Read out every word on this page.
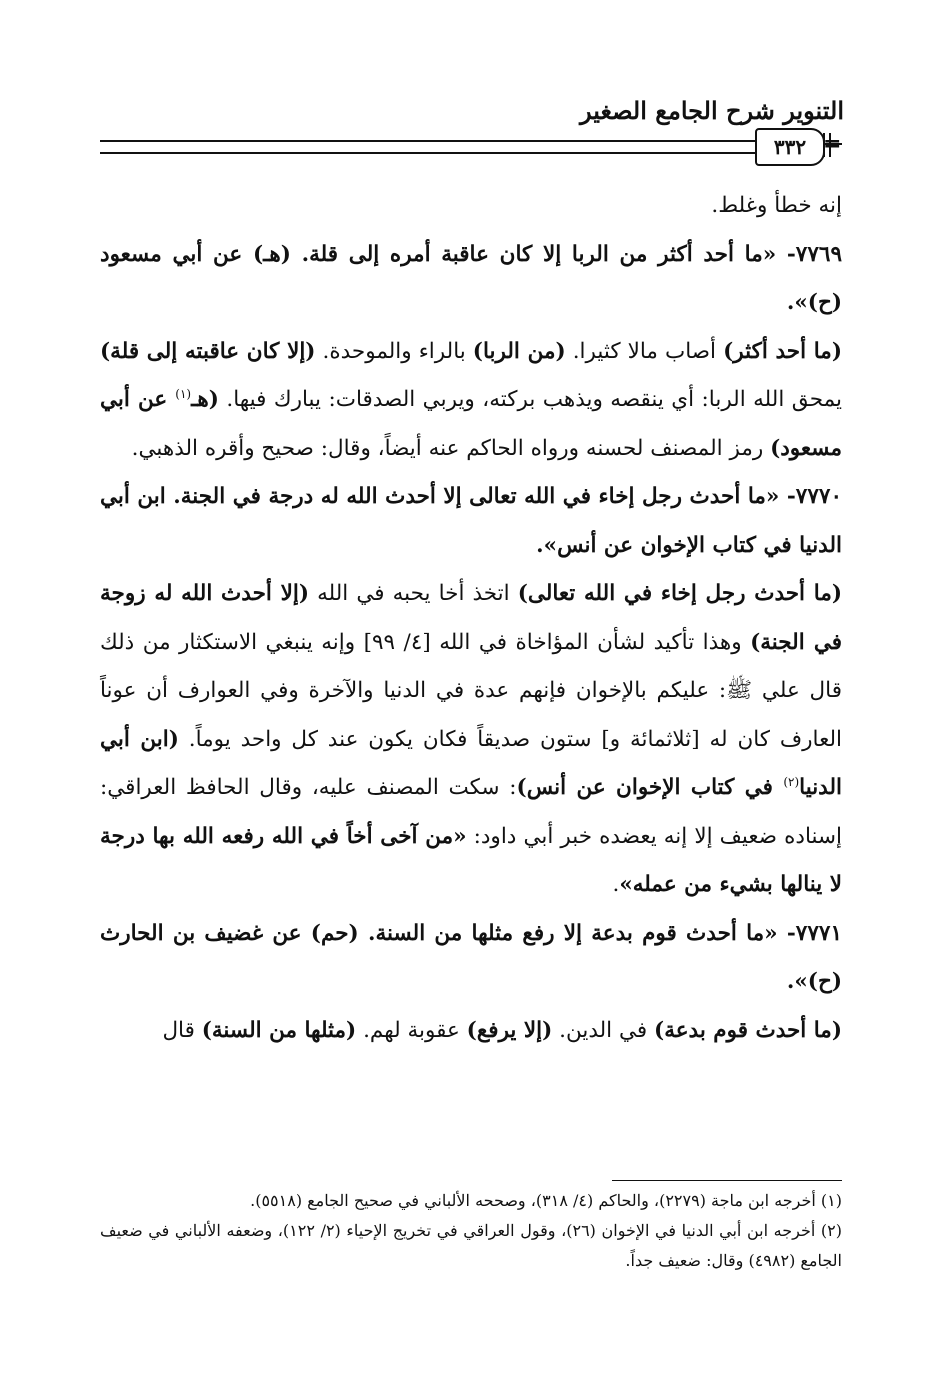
التنوير شرح الجامع الصغير
٣٣٢ =

إنه خطأ وغلط.

٧٧٦٩- «ما أحد أكثر من الربا إلا كان عاقبة أمره إلى قلة. (هـ) عن أبي مسعود (ح)».

(ما أحد أكثر) أصاب مالا كثيرا. (من الربا) بالراء والموحدة. (إلا كان عاقبته إلى قلة) يمحق الله الربا: أي ينقصه ويذهب بركته، ويربي الصدقات: يبارك فيها. (هـ$^{(١)}$ عن أبي مسعود) رمز المصنف لحسنه ورواه الحاكم عنه أيضاً، وقال: صحيح وأقره الذهبي.

٧٧٧٠- «ما أحدث رجل إخاء في الله تعالى إلا أحدث الله له درجة في الجنة. ابن أبي الدنيا في كتاب الإخوان عن أنس».

(ما أحدث رجل إخاء في الله تعالى) اتخذ أخا يحبه في الله (إلا أحدث الله له زوجة في الجنة) وهذا تأكيد لشأن المؤاخاة في الله [٤/ ٩٩] وإنه ينبغي الاستكثار من ذلك قال علي ﷺ: عليكم بالإخوان فإنهم عدة في الدنيا والآخرة وفي العوارف أن عوناً العارف كان له [ثلاثمائة و] ستون صديقاً فكان يكون عند كل واحد يوماً. (ابن أبي الدنيا$^{(٢)}$ في كتاب الإخوان عن أنس): سكت المصنف عليه، وقال الحافظ العراقي: إسناده ضعيف إلا إنه يعضده خبر أبي داود: «من آخى أخاً في الله رفعه الله بها درجة لا ينالها بشيء من عمله».

٧٧٧١- «ما أحدث قوم بدعة إلا رفع مثلها من السنة. (حم) عن غضيف بن الحارث (ح)».

(ما أحدث قوم بدعة) في الدين. (إلا يرفع) عقوبة لهم. (مثلها من السنة) قال

(١) أخرجه ابن ماجة (٢٢٧٩)، والحاكم (٤/ ٣١٨)، وصححه الألباني في صحيح الجامع (٥٥١٨).

(٢) أخرجه ابن أبي الدنيا في الإخوان (٢٦)، وقول العراقي في تخريج الإحياء (٢/ ١٢٢)، وضعفه الألباني في ضعيف الجامع (٤٩٨٢) وقال: ضعيف جداً.
